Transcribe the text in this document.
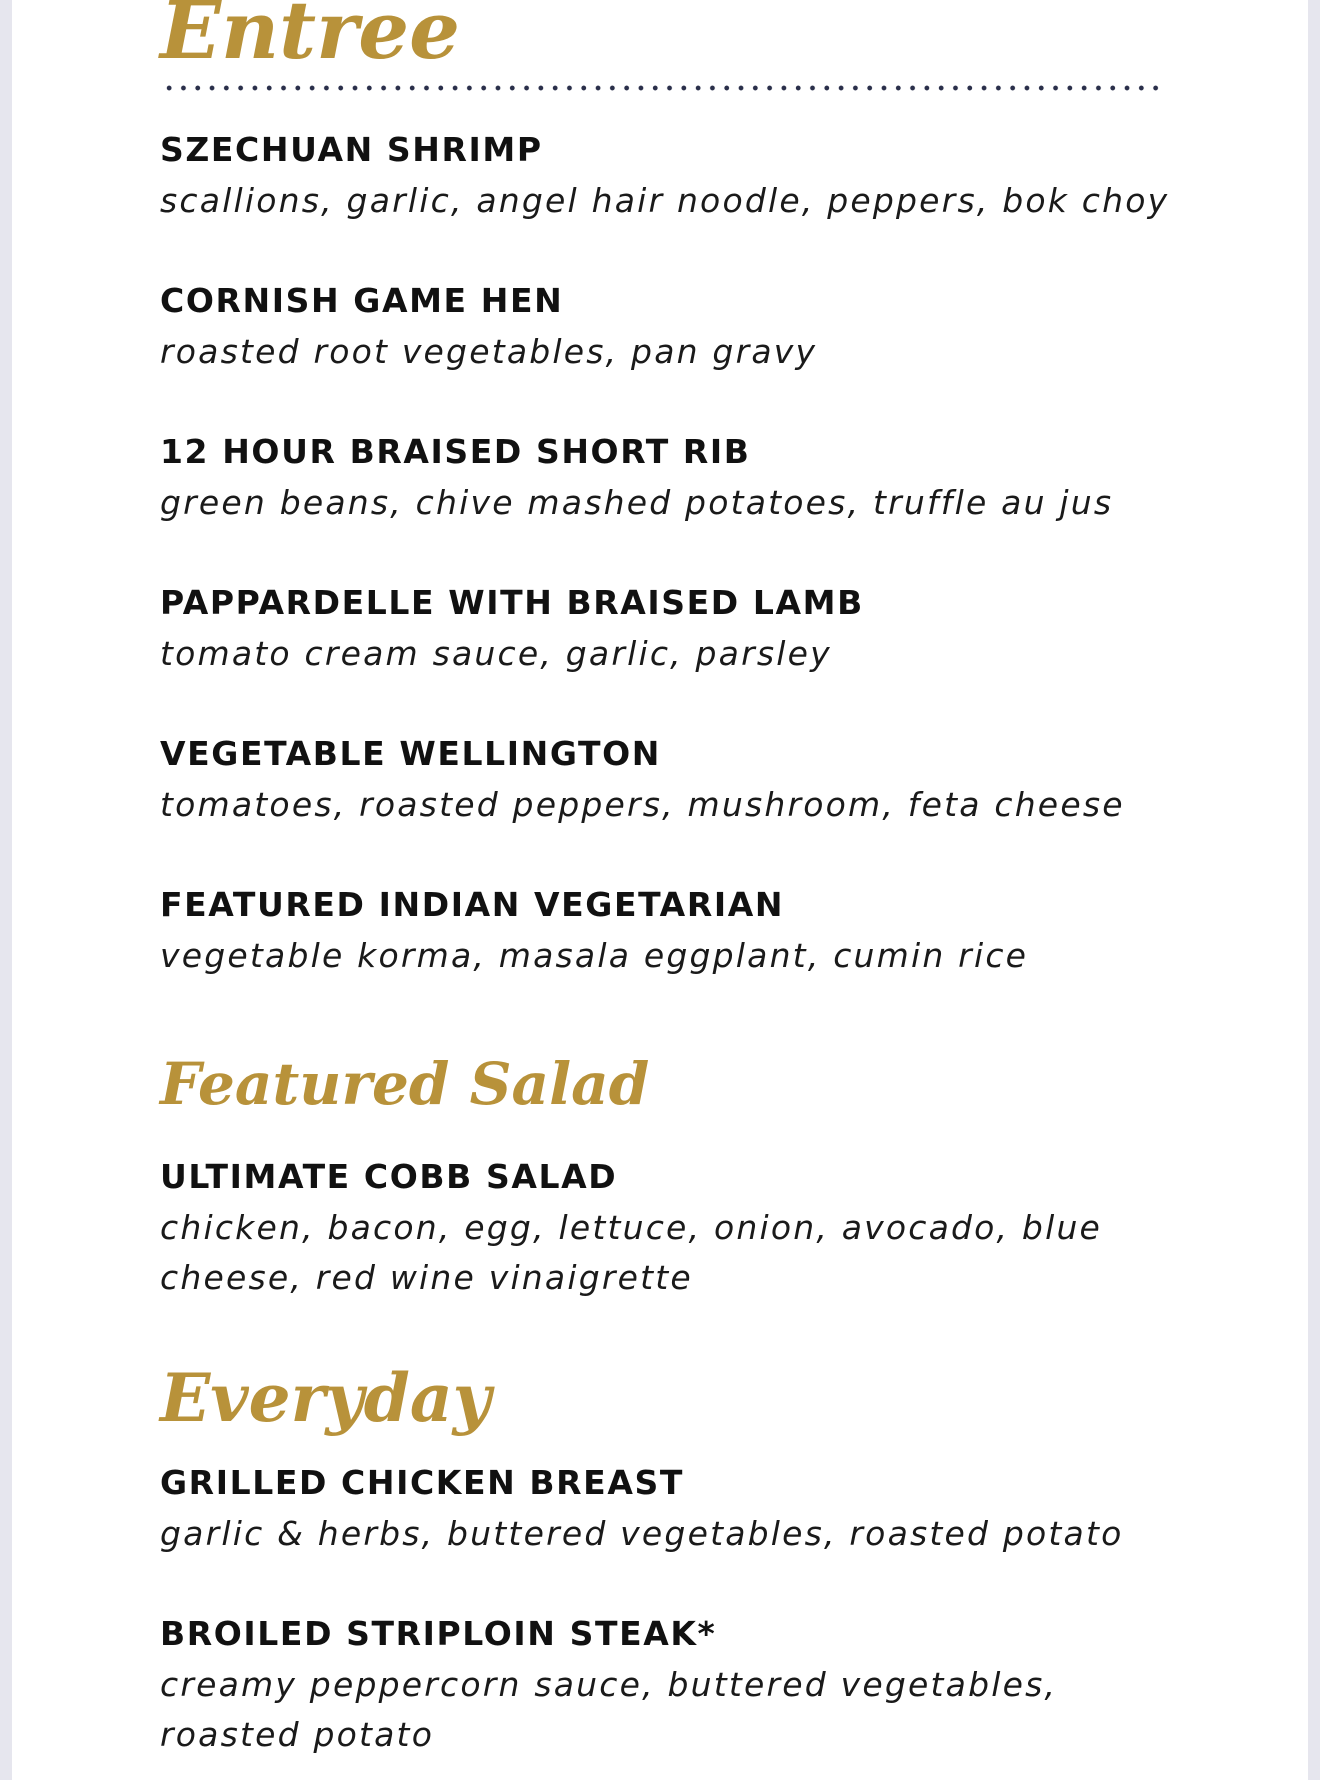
Entree
SZECHUAN SHRIMP
scallions, garlic, angel hair noodle, peppers, bok choy
CORNISH GAME HEN
roasted root vegetables, pan gravy
12 HOUR BRAISED SHORT RIB
green beans, chive mashed potatoes, truffle au jus
PAPPARDELLE WITH BRAISED LAMB
tomato cream sauce, garlic, parsley
VEGETABLE WELLINGTON
tomatoes, roasted peppers, mushroom, feta cheese
FEATURED INDIAN VEGETARIAN
vegetable korma, masala eggplant, cumin rice
Featured Salad
ULTIMATE COBB SALAD
chicken, bacon, egg, lettuce, onion, avocado, blue cheese, red wine vinaigrette
Everyday
GRILLED CHICKEN BREAST
garlic & herbs, buttered vegetables, roasted potato
BROILED STRIPLOIN STEAK*
creamy peppercorn sauce, buttered vegetables, roasted potato
